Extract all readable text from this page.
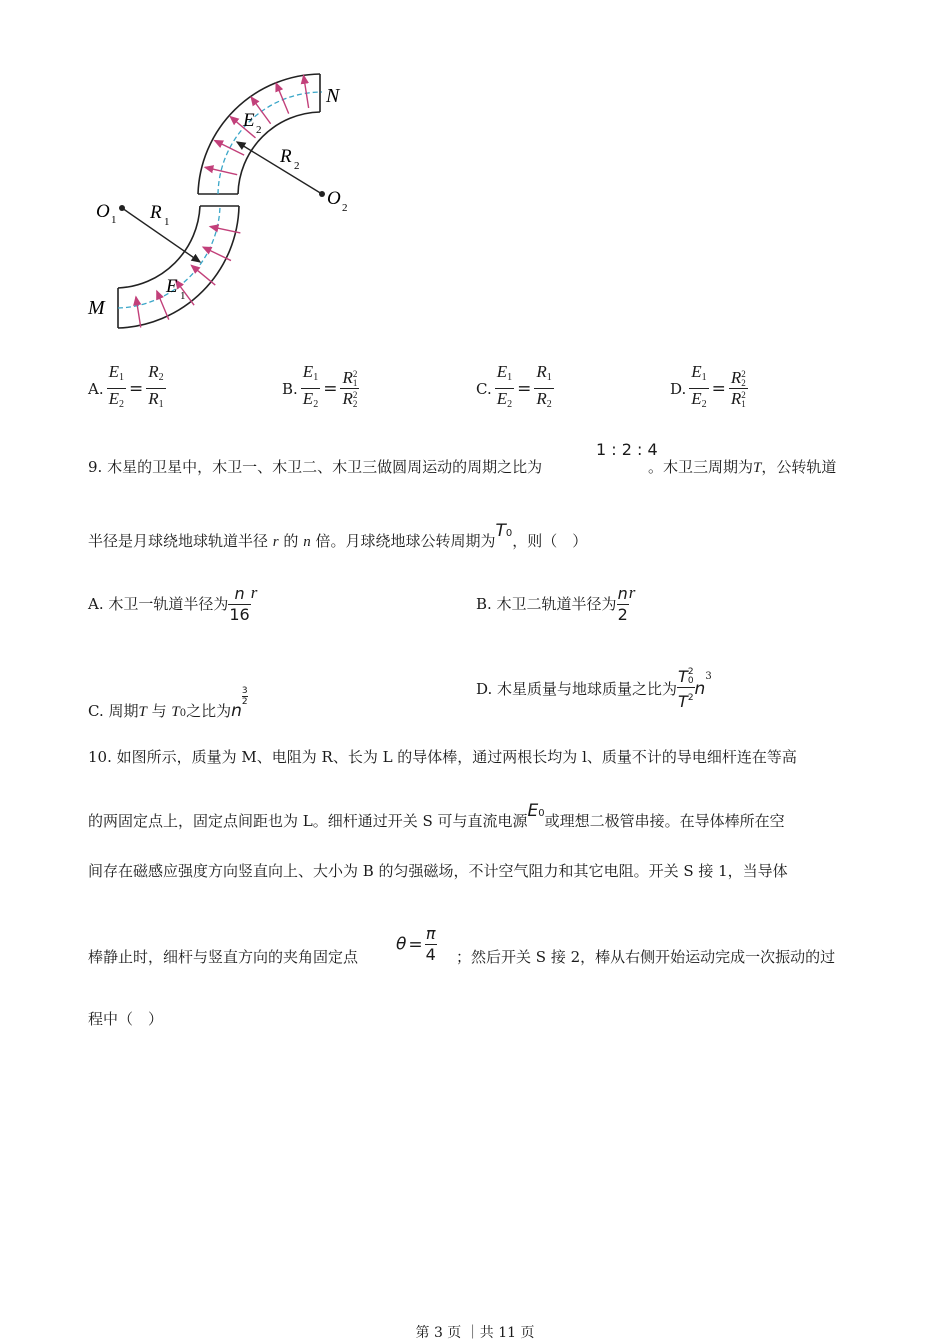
N
M
O 1
O 2
R 1
R 2
E 1
E 2
A. $\frac{E_1}{E_2} = \frac{R_2}{R_1}$	B. $\frac{E_1}{E_2} = R$ 2
1
R 2
2	C. $\frac{E_1}{E_2} = \frac{R_1}{R_2}$	D. $\frac{E_1}{E_2} = R$ 2
2
R 2
1
9. 木星的卫星中，木卫一、木卫二、木卫三做圆周运动的周期之比为
1 : 2 : 4
。木卫三周期为T，公转轨道
半径是月球绕地球轨道半径 r 的 n 倍。月球绕地球公转周期为T0，则（　）
A. 木卫一轨道半径为 $\frac{n}{16}$ r
B. 木卫二轨道半径为 $\frac{n}{2}$ r
C. 周期T 与 T0之比为n
$\frac{3}{2}$	D. 木星质量与地球质量之比为 T 2
0
$T^2$ $n^3$
10. 如图所示，质量为 M、电阻为 R、长为 L 的导体棒，通过两根长均为 l、质量不计的导电细杆连在等高
的两固定点上，固定点间距也为 L。细杆通过开关 S 可与直流电源E0或理想二极管串接。在导体棒所在空
间存在磁感应强度方向竖直向上、大小为 B 的匀强磁场，不计空气阻力和其它电阻。开关 S 接 1，当导体
棒静止时，细杆与竖直方向的夹角固定点
$\theta = \frac{\pi}{4}$ ；然后开关 S 接 2，棒从右侧开始运动完成一次振动的过
程中（　）
第 3 页 ｜共 11 页
